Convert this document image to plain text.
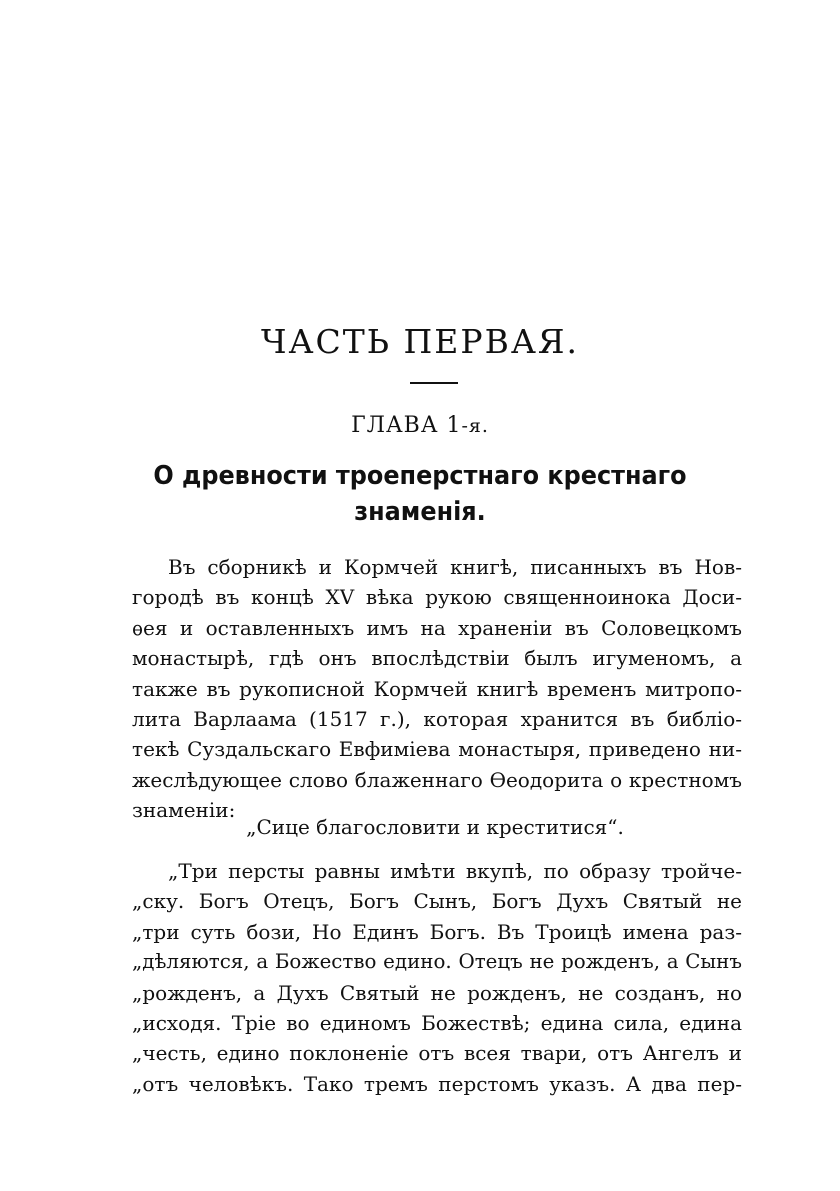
ЧАСТЬ ПЕРВАЯ.
ГЛАВА 1-я.
О древности троеперстнаго крестнаго
знаменія.
Въ сборникѣ и Кормчей книгѣ, писанныхъ въ Нов-
городѣ въ концѣ XV вѣка рукою священноинока Доси-
ѳея и оставленныхъ имъ на храненіи въ Соловецкомъ
монастырѣ, гдѣ онъ впослѣдствіи былъ игуменомъ, а
также въ рукописной Кормчей книгѣ временъ митропо-
лита Варлаама (1517 г.), которая хранится въ библіо-
текѣ Суздальскаго Евфиміева монастыря, приведено ни-
жеслѣдующее слово блаженнаго Ѳеодорита о крестномъ
знаменіи:
„Сице благословити и креститися“.
„Три персты равны имѣти вкупѣ, по образу тройче-
„ску. Богъ Отецъ, Богъ Сынъ, Богъ Духъ Святый не
„три суть бози, Но Единъ Богъ. Въ Троицѣ имена раз-
„дѣляются, а Божество едино. Отецъ не рожденъ, а Сынъ
„рожденъ, а Духъ Святый не рожденъ, не созданъ, но
„исходя. Тріе во единомъ Божествѣ; едина сила, едина
„честь, едино поклоненіе отъ всея твари, отъ Ангелъ и
„отъ человѣкъ. Тако тремъ перстомъ указъ. А два пер-
